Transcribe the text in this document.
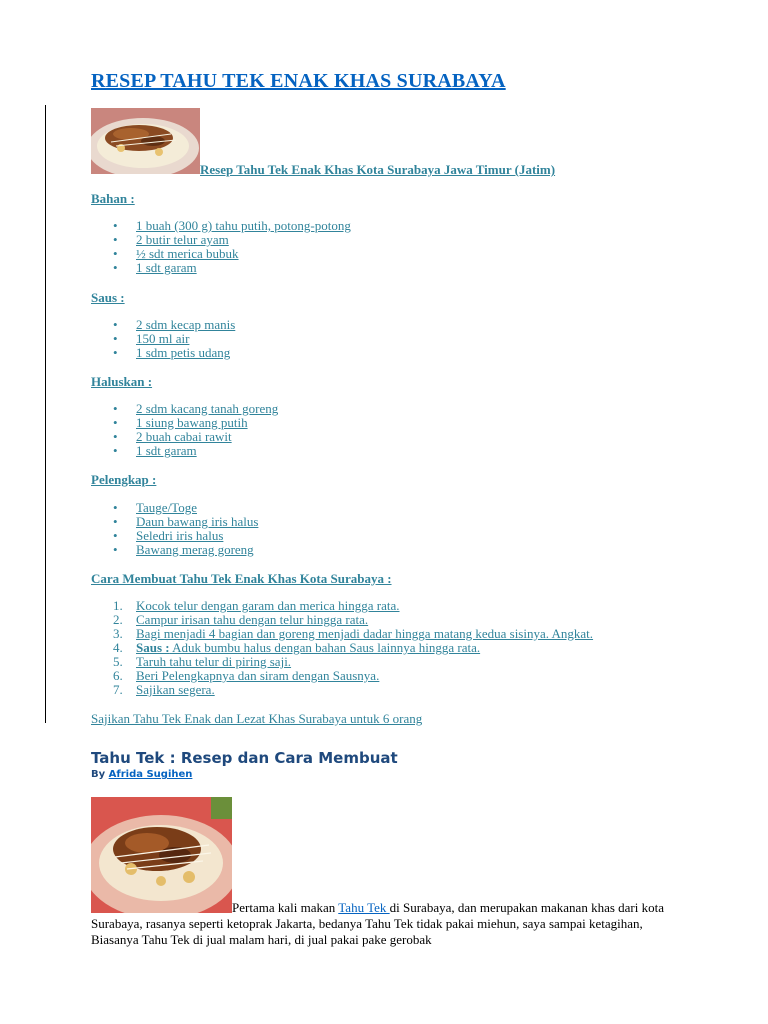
RESEP TAHU TEK ENAK KHAS SURABAYA
Resep Tahu Tek Enak Khas Kota Surabaya Jawa Timur (Jatim)
Bahan :
• 1 buah (300 g) tahu putih, potong-potong
• 2 butir telur ayam
• ½ sdt merica bubuk
• 1 sdt garam
Saus :
• 2 sdm kecap manis
• 150 ml air
• 1 sdm petis udang
Haluskan :
• 2 sdm kacang tanah goreng
• 1 siung bawang putih
• 2 buah cabai rawit
• 1 sdt garam
Pelengkap :
• Tauge/Toge
• Daun bawang iris halus
• Seledri iris halus
• Bawang merag goreng
Cara Membuat Tahu Tek Enak Khas Kota Surabaya :
1. Kocok telur dengan garam dan merica hingga rata.
2. Campur irisan tahu dengan telur hingga rata.
3. Bagi menjadi 4 bagian dan goreng menjadi dadar hingga matang kedua sisinya. Angkat.
4. Saus : Aduk bumbu halus dengan bahan Saus lainnya hingga rata.
5. Taruh tahu telur di piring saji.
6. Beri Pelengkapnya dan siram dengan Sausnya.
7. Sajikan segera.
Sajikan Tahu Tek Enak dan Lezat Khas Surabaya untuk 6 orang
Tahu Tek : Resep dan Cara Membuat
By Afrida Sugihen
Pertama kali makan Tahu Tek di Surabaya, dan merupakan makanan khas dari kota Surabaya, rasanya seperti ketoprak Jakarta, bedanya Tahu Tek tidak pakai miehun, saya sampai ketagihan, Biasanya Tahu Tek di jual malam hari, di jual pakai pake gerobak
